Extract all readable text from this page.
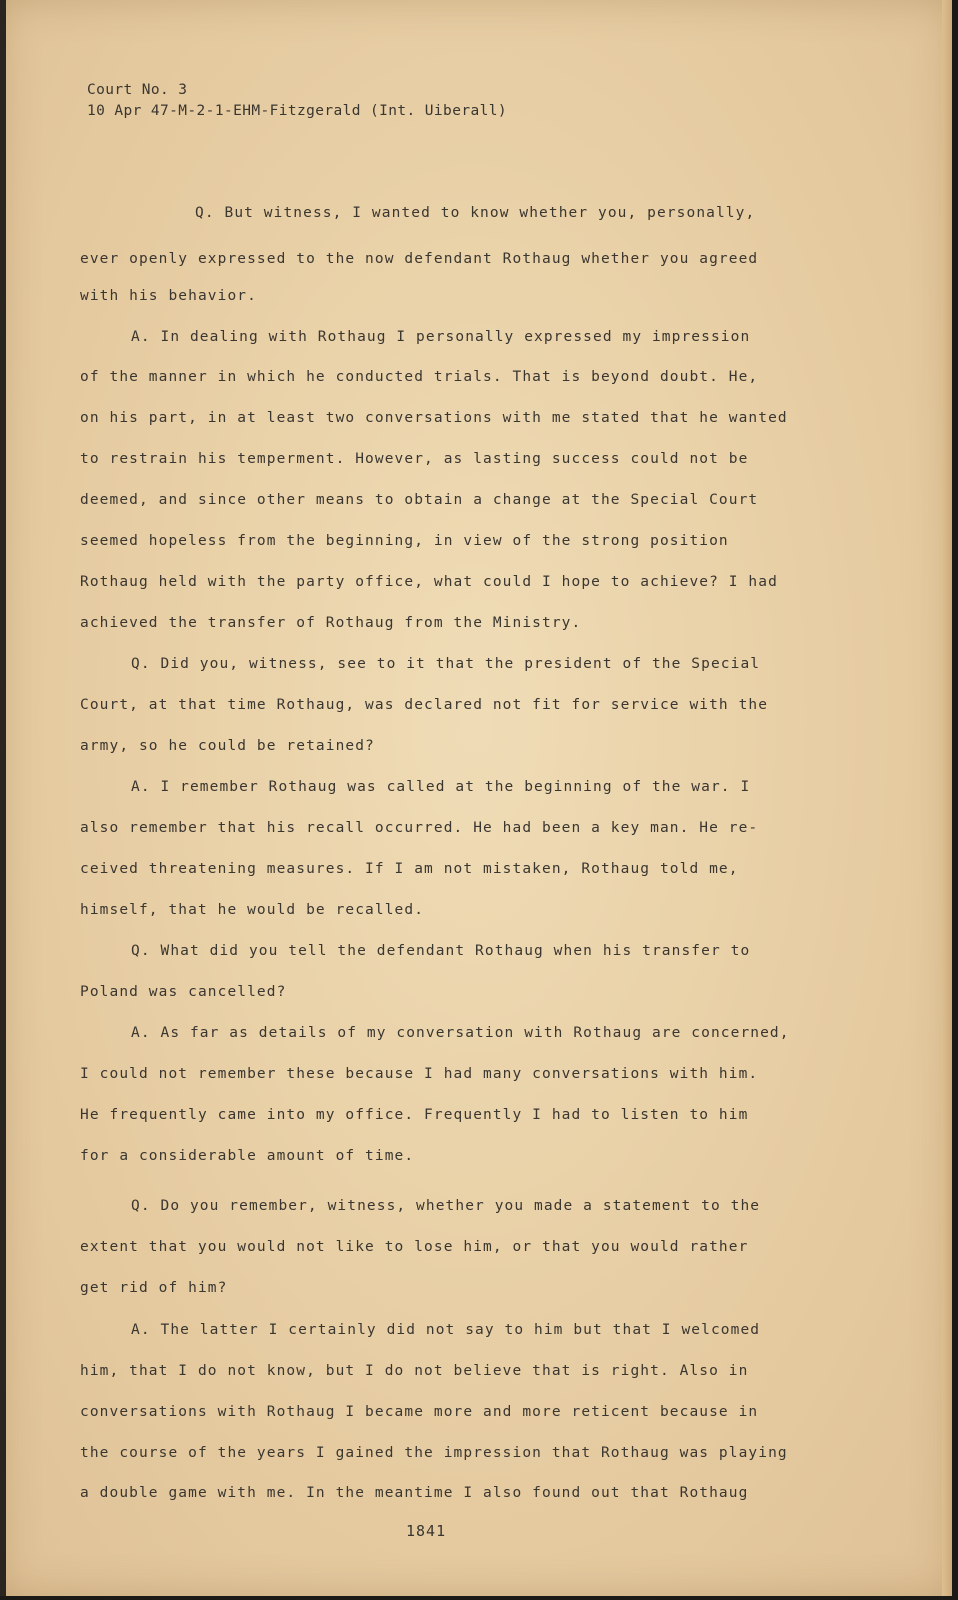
Court No. 3
10 Apr 47-M-2-1-EHM-Fitzgerald (Int. Uiberall)
Q. But witness, I wanted to know whether you, personally,
ever openly expressed to the now defendant Rothaug whether you agreed
with his behavior.
A. In dealing with Rothaug I personally expressed my impression
of the manner in which he conducted trials. That is beyond doubt. He,
on his part, in at least two conversations with me stated that he wanted
to restrain his temperment. However, as lasting success could not be
deemed, and since other means to obtain a change at the Special Court
seemed hopeless from the beginning, in view of the strong position
Rothaug held with the party office, what could I hope to achieve? I had
achieved the transfer of Rothaug from the Ministry.
Q. Did you, witness, see to it that the president of the Special
Court, at that time Rothaug, was declared not fit for service with the
army, so he could be retained?
A. I remember Rothaug was called at the beginning of the war. I
also remember that his recall occurred. He had been a key man. He re-
ceived threatening measures. If I am not mistaken, Rothaug told me,
himself, that he would be recalled.
Q. What did you tell the defendant Rothaug when his transfer to
Poland was cancelled?
A. As far as details of my conversation with Rothaug are concerned,
I could not remember these because I had many conversations with him.
He frequently came into my office. Frequently I had to listen to him
for a considerable amount of time.
Q. Do you remember, witness, whether you made a statement to the
extent that you would not like to lose him, or that you would rather
get rid of him?
A. The latter I certainly did not say to him but that I welcomed
him, that I do not know, but I do not believe that is right. Also in
conversations with Rothaug I became more and more reticent because in
the course of the years I gained the impression that Rothaug was playing
a double game with me. In the meantime I also found out that Rothaug
1841
